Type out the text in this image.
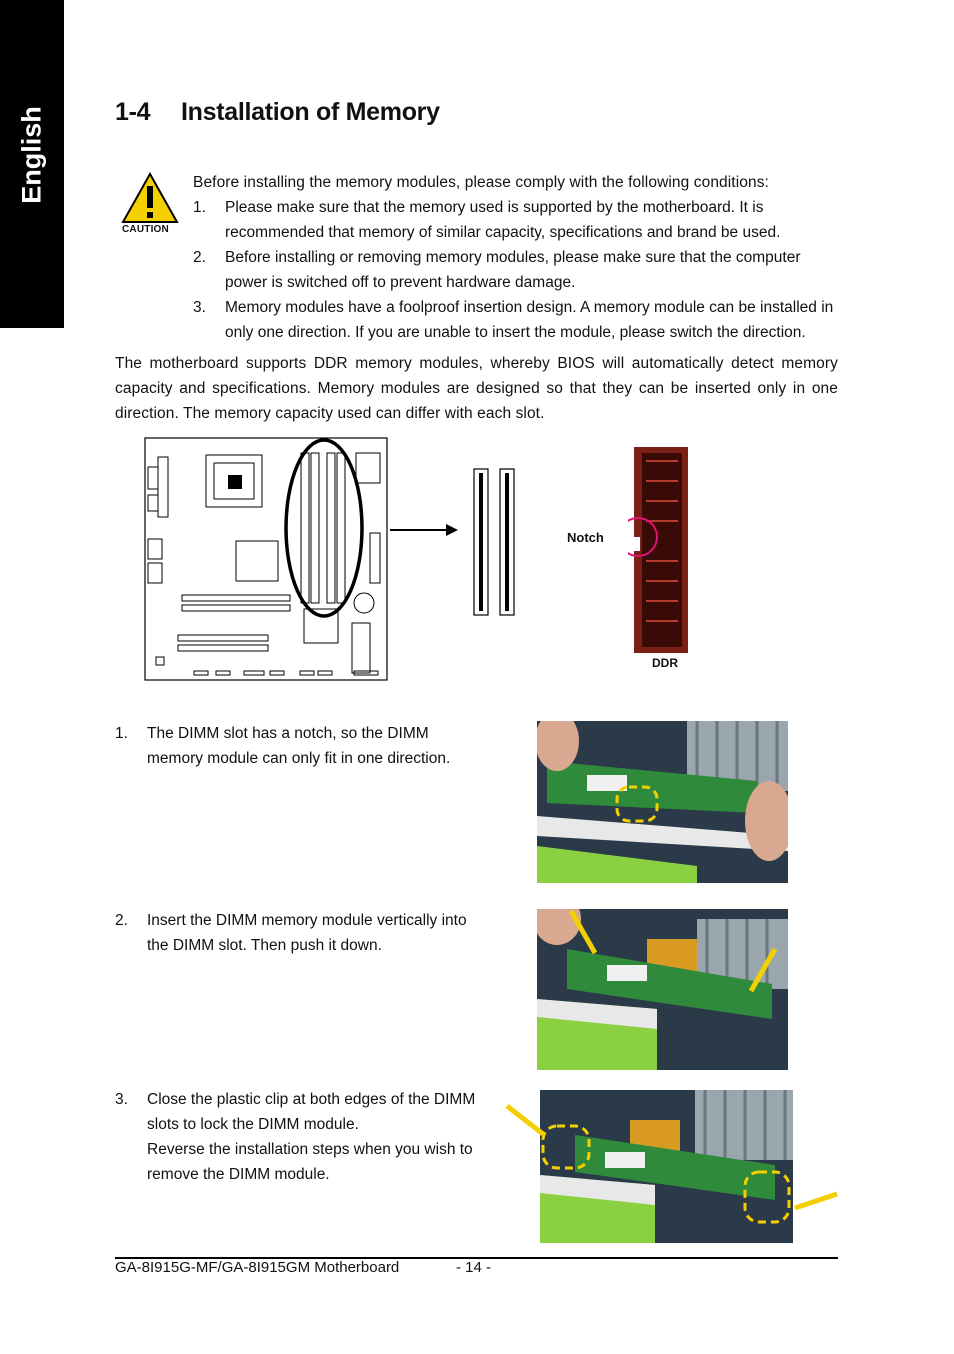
English	1-4 Installation of Memory
CAUTION
Before installing the memory modules, please comply with the following conditions:
1. Please make sure that the memory used is supported by the motherboard. It is recommended that memory of similar capacity, specifications and brand be used.
2. Before installing or removing memory modules, please make sure that the computer power is switched off to prevent hardware damage.
3. Memory modules have a foolproof insertion design. A memory module can be installed in only one direction. If you are unable to insert the module, please switch the direction.
The motherboard supports DDR memory modules, whereby BIOS will automatically detect memory capacity and specifications. Memory modules are designed so that they can be inserted only in one direction. The memory capacity used can differ with each slot.
Notch
DDR
1. The DIMM slot has a notch, so the DIMM memory module can only fit in one direction.
2. Insert the DIMM memory module vertically into the DIMM slot. Then push it down.
3. Close the plastic clip at both edges of the DIMM slots to lock the DIMM module.
Reverse the installation steps when you wish to remove the DIMM module.
GA-8I915G-MF/GA-8I915GM Motherboard	- 14 -
